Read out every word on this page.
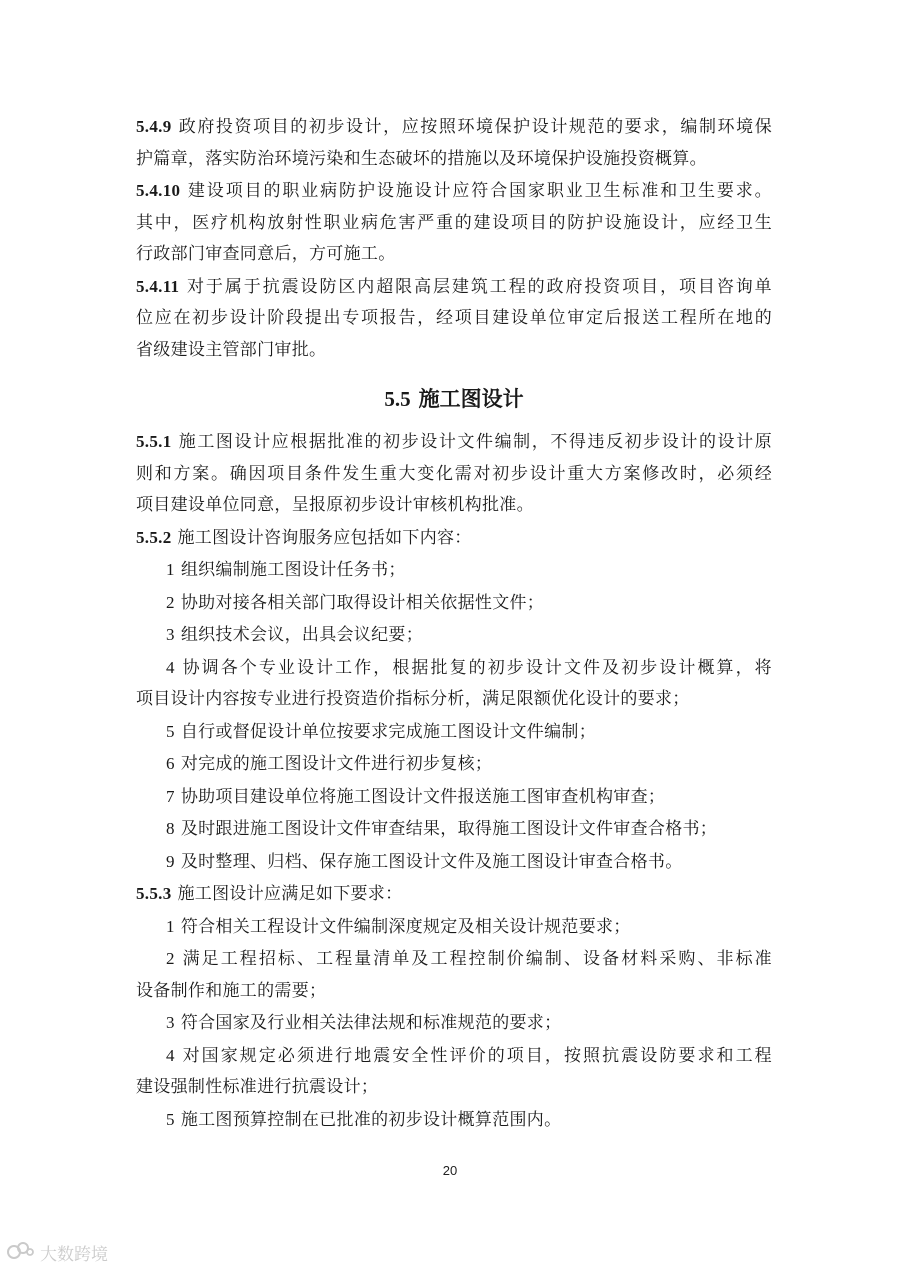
5.4.9 政府投资项目的初步设计，应按照环境保护设计规范的要求，编制环境保
护篇章，落实防治环境污染和生态破坏的措施以及环境保护设施投资概算。
5.4.10 建设项目的职业病防护设施设计应符合国家职业卫生标准和卫生要求。
其中，医疗机构放射性职业病危害严重的建设项目的防护设施设计，应经卫生
行政部门审查同意后，方可施工。
5.4.11 对于属于抗震设防区内超限高层建筑工程的政府投资项目，项目咨询单
位应在初步设计阶段提出专项报告，经项目建设单位审定后报送工程所在地的
省级建设主管部门审批。
5.5 施工图设计
5.5.1 施工图设计应根据批准的初步设计文件编制，不得违反初步设计的设计原
则和方案。确因项目条件发生重大变化需对初步设计重大方案修改时，必须经
项目建设单位同意，呈报原初步设计审核机构批准。
5.5.2 施工图设计咨询服务应包括如下内容：
1 组织编制施工图设计任务书；
2 协助对接各相关部门取得设计相关依据性文件；
3 组织技术会议，出具会议纪要；
4 协调各个专业设计工作，根据批复的初步设计文件及初步设计概算，将
项目设计内容按专业进行投资造价指标分析，满足限额优化设计的要求；
5 自行或督促设计单位按要求完成施工图设计文件编制；
6 对完成的施工图设计文件进行初步复核；
7 协助项目建设单位将施工图设计文件报送施工图审查机构审查；
8 及时跟进施工图设计文件审查结果，取得施工图设计文件审查合格书；
9 及时整理、归档、保存施工图设计文件及施工图设计审查合格书。
5.5.3 施工图设计应满足如下要求：
1 符合相关工程设计文件编制深度规定及相关设计规范要求；
2 满足工程招标、工程量清单及工程控制价编制、设备材料采购、非标准
设备制作和施工的需要；
3 符合国家及行业相关法律法规和标准规范的要求；
4 对国家规定必须进行地震安全性评价的项目，按照抗震设防要求和工程
建设强制性标准进行抗震设计；
5 施工图预算控制在已批准的初步设计概算范围内。
20
大数跨境
